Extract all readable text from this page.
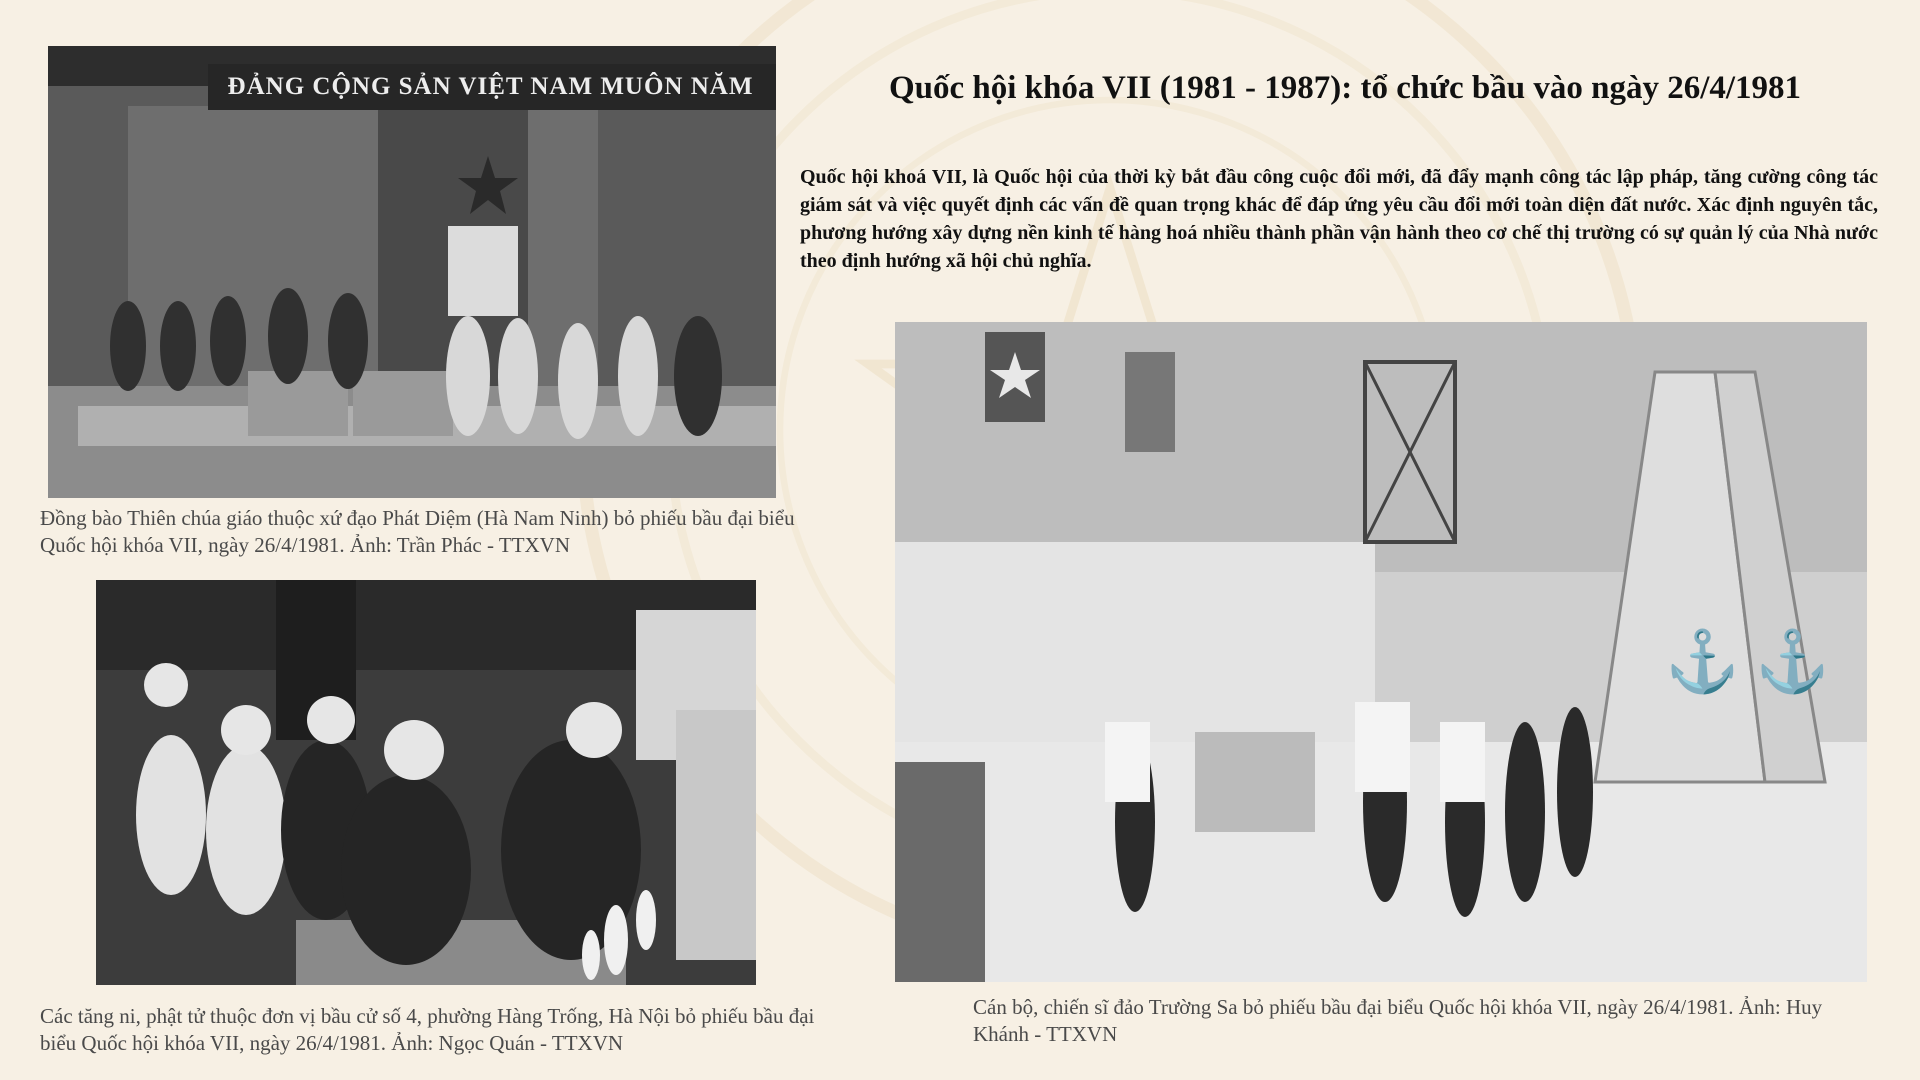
ĐẢNG CỘNG SẢN VIỆT NAM MUÔN NĂM
Đồng bào Thiên chúa giáo thuộc xứ đạo Phát Diệm (Hà Nam Ninh) bỏ phiếu bầu đại biểu Quốc hội khóa VII, ngày 26/4/1981. Ảnh: Trần Phác - TTXVN
Các tăng ni, phật tử thuộc đơn vị bầu cử số 4, phường Hàng Trống, Hà Nội bỏ phiếu bầu đại biểu Quốc hội khóa VII, ngày 26/4/1981. Ảnh: Ngọc Quán - TTXVN
⚓ ⚓
Cán bộ, chiến sĩ đảo Trường Sa bỏ phiếu bầu đại biểu Quốc hội khóa VII, ngày 26/4/1981. Ảnh: Huy Khánh - TTXVN
Quốc hội khóa VII (1981 - 1987): tổ chức bầu vào ngày 26/4/1981
Quốc hội khoá VII, là Quốc hội của thời kỳ bắt đầu công cuộc đổi mới, đã đẩy mạnh công tác lập pháp, tăng cường công tác giám sát và việc quyết định các vấn đề quan trọng khác để đáp ứng yêu cầu đổi mới toàn diện đất nước. Xác định nguyên tắc, phương hướng xây dựng nền kinh tế hàng hoá nhiều thành phần vận hành theo cơ chế thị trường có sự quản lý của Nhà nước theo định hướng xã hội chủ nghĩa.
